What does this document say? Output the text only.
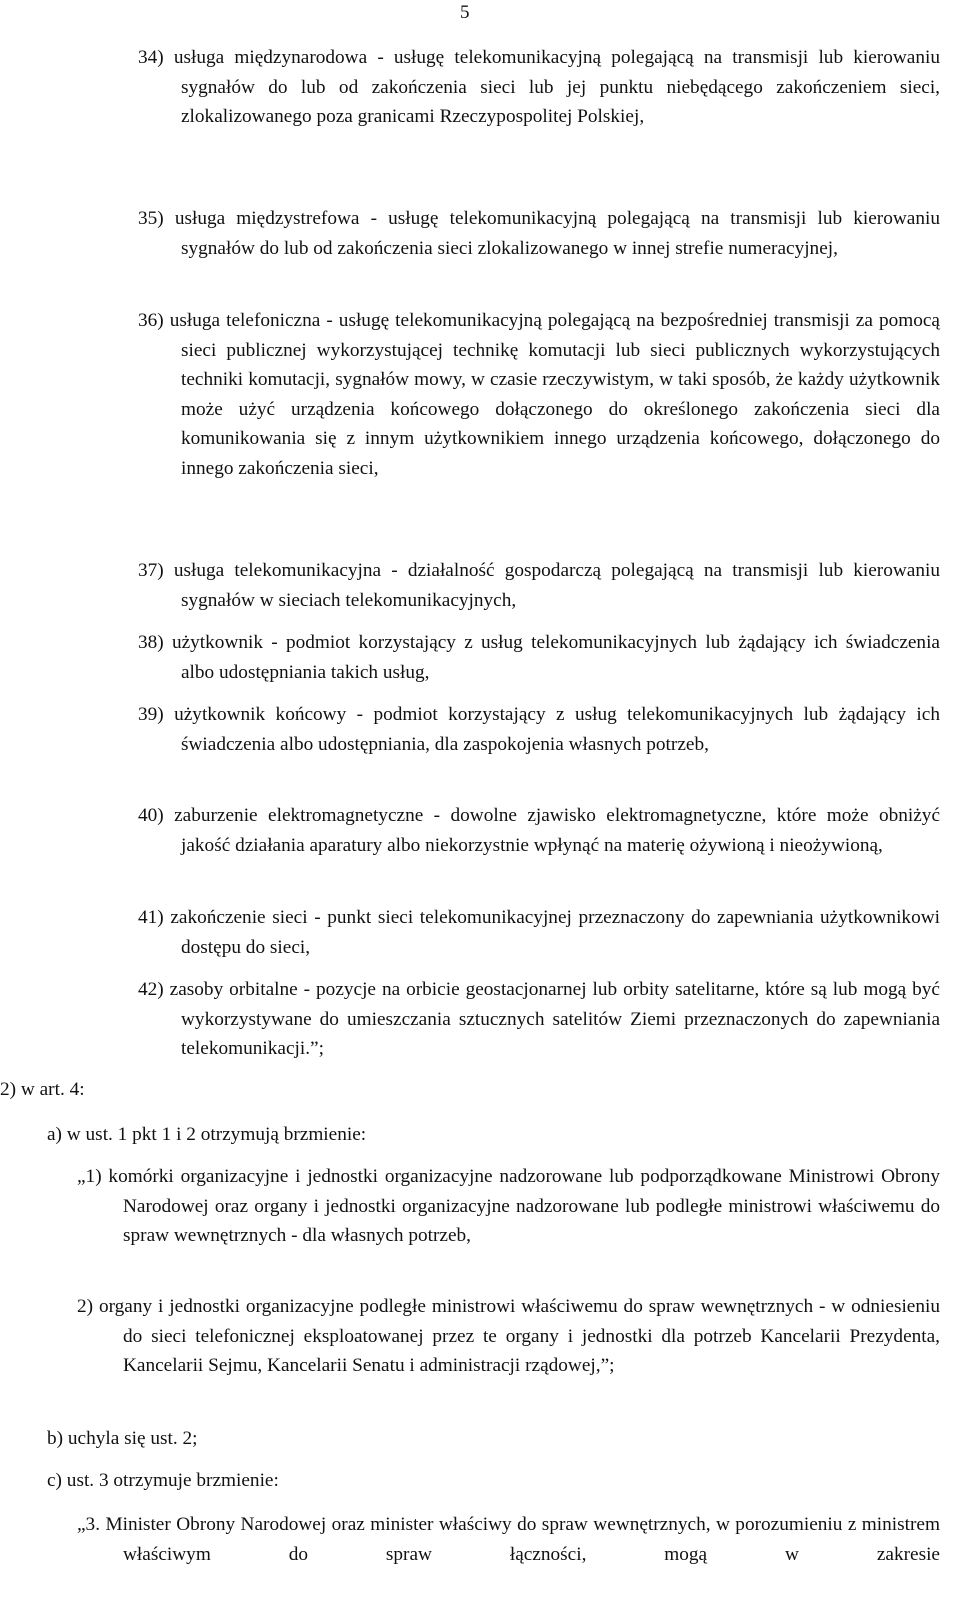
5

34) usługa międzynarodowa - usługę telekomunikacyjną polegającą na transmisji lub kierowaniu sygnałów do lub od zakończenia sieci lub jej punktu niebędącego zakończeniem sieci, zlokalizowanego poza granicami Rzeczypospolitej Polskiej,

35) usługa międzystrefowa - usługę telekomunikacyjną polegającą na transmisji lub kierowaniu sygnałów do lub od zakończenia sieci zlokalizowanego w innej strefie numeracyjnej,

36) usługa telefoniczna - usługę telekomunikacyjną polegającą na bezpośredniej transmisji za pomocą sieci publicznej wykorzystującej technikę komutacji lub sieci publicznych wykorzystujących techniki komutacji, sygnałów mowy, w czasie rzeczywistym, w taki sposób, że każdy użytkownik może użyć urządzenia końcowego dołączonego do określonego zakończenia sieci dla komunikowania się z innym użytkownikiem innego urządzenia końcowego, dołączonego do innego zakończenia sieci,

37) usługa telekomunikacyjna - działalność gospodarczą polegającą na transmisji lub kierowaniu sygnałów w sieciach telekomunikacyjnych,

38) użytkownik - podmiot korzystający z usług telekomunikacyjnych lub żądający ich świadczenia albo udostępniania takich usług,

39) użytkownik końcowy - podmiot korzystający z usług telekomunikacyjnych lub żądający ich świadczenia albo udostępniania, dla zaspokojenia własnych potrzeb,

40) zaburzenie elektromagnetyczne - dowolne zjawisko elektromagnetyczne, które może obniżyć jakość działania aparatury albo niekorzystnie wpłynąć na materię ożywioną i nieożywioną,

41) zakończenie sieci - punkt sieci telekomunikacyjnej przeznaczony do zapewniania użytkownikowi dostępu do sieci,

42) zasoby orbitalne - pozycje na orbicie geostacjonarnej lub orbity satelitarne, które są lub mogą być wykorzystywane do umieszczania sztucznych satelitów Ziemi przeznaczonych do zapewniania telekomunikacji.”;

2) w art. 4:

a) w ust. 1 pkt 1 i 2 otrzymują brzmienie:

„1) komórki organizacyjne i jednostki organizacyjne nadzorowane lub podporządkowane Ministrowi Obrony Narodowej oraz organy i jednostki organizacyjne nadzorowane lub podległe ministrowi właściwemu do spraw wewnętrznych - dla własnych potrzeb,

2) organy i jednostki organizacyjne podległe ministrowi właściwemu do spraw wewnętrznych - w odniesieniu do sieci telefonicznej eksploatowanej przez te organy i jednostki dla potrzeb Kancelarii Prezydenta, Kancelarii Sejmu, Kancelarii Senatu i administracji rządowej,”;

b) uchyla się ust. 2;

c) ust. 3 otrzymuje brzmienie:

„3. Minister Obrony Narodowej oraz minister właściwy do spraw wewnętrznych, w porozumieniu z ministrem właściwym do spraw łączności, mogą w zakresie
